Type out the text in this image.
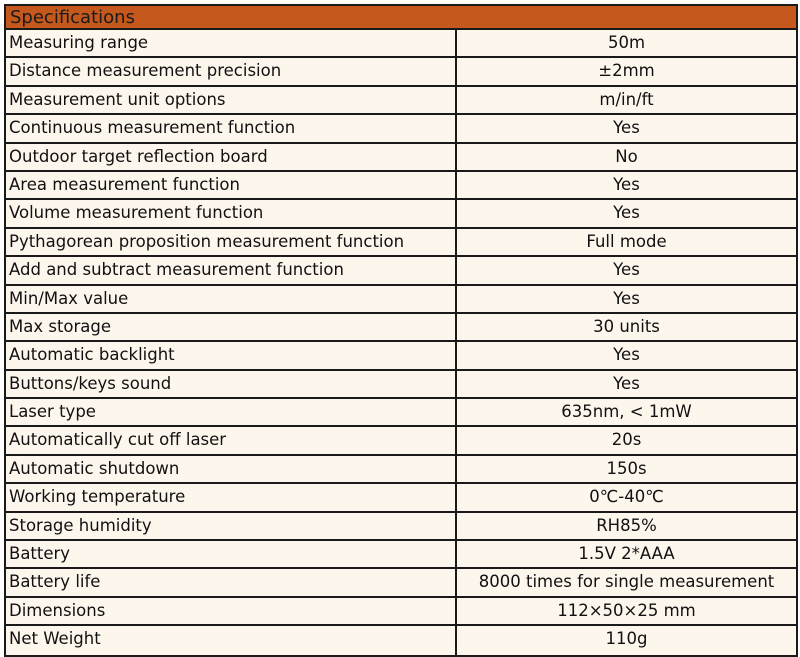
Specifications
Measuring range	50m
Distance measurement precision	±2mm
Measurement unit options	m/in/ft
Continuous measurement function	Yes
Outdoor target reflection board	No
Area measurement function	Yes
Volume measurement function	Yes
Pythagorean proposition measurement function	Full mode
Add and subtract measurement function	Yes
Min/Max value	Yes
Max storage	30 units
Automatic backlight	Yes
Buttons/keys sound	Yes
Laser type	635nm, < 1mW
Automatically cut off laser	20s
Automatic shutdown	150s
Working temperature	0℃-40℃
Storage humidity	RH85%
Battery	1.5V 2*AAA
Battery life	8000 times for single measurement
Dimensions	112×50×25 mm
Net Weight	110g
